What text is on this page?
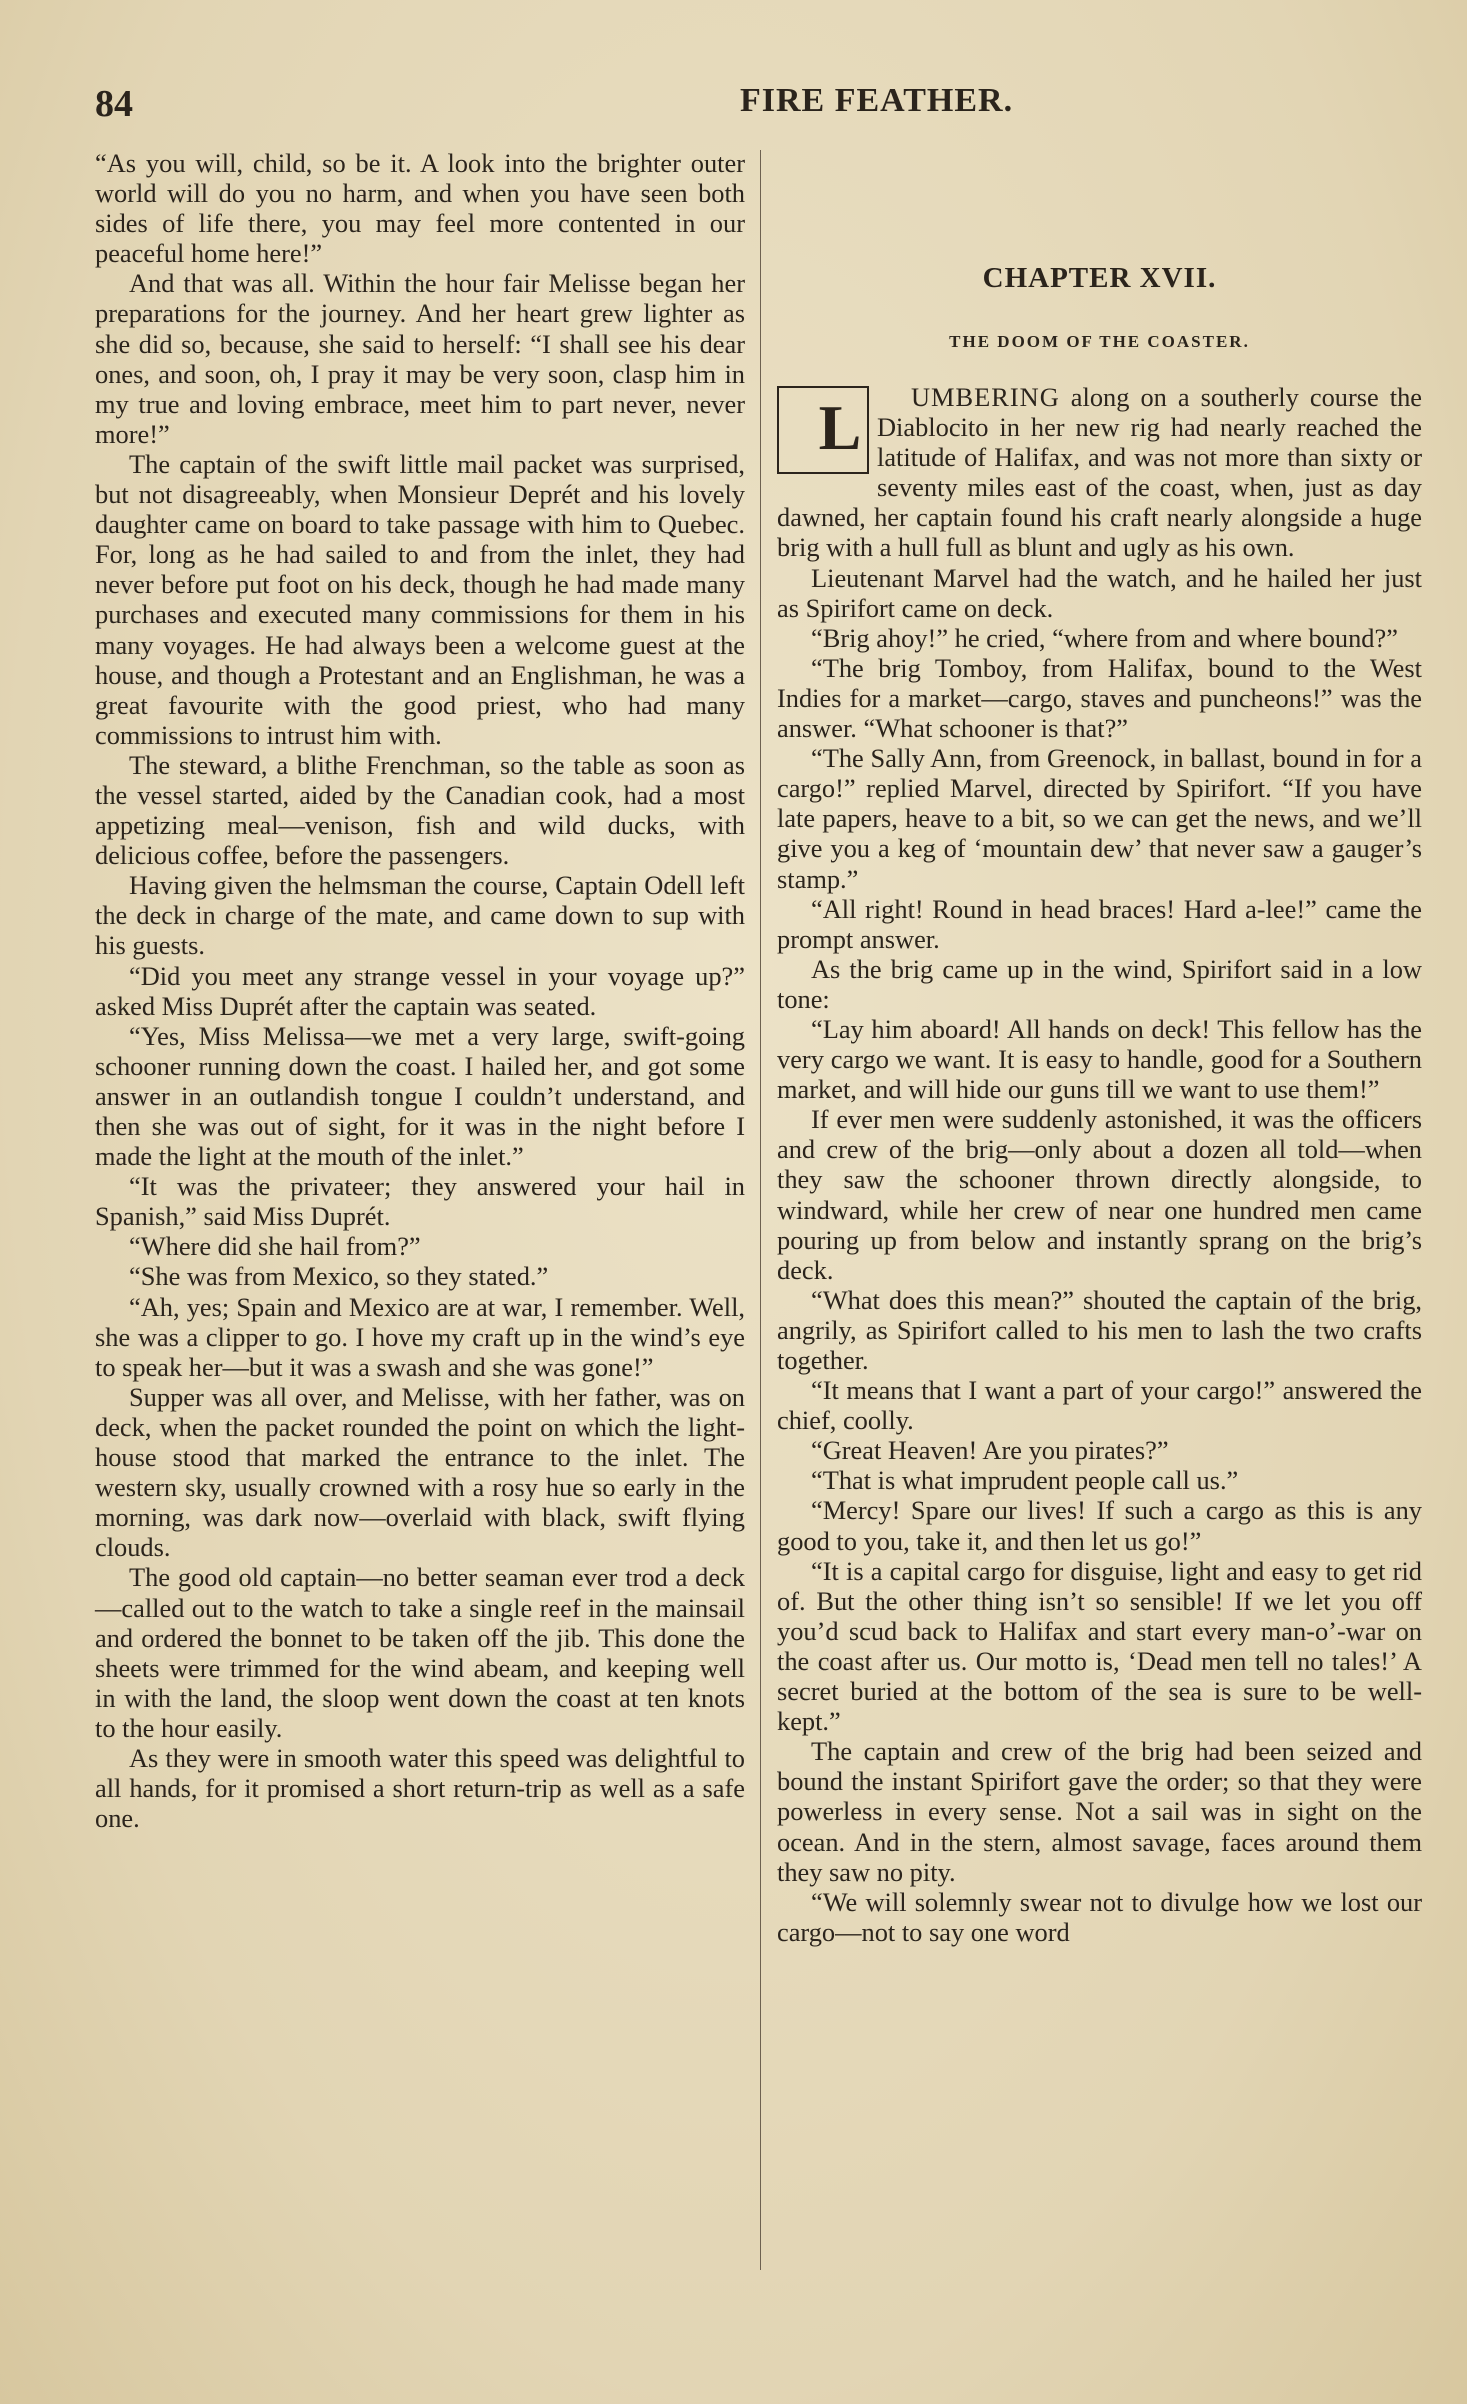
84	FIRE FEATHER.

“As you will, child, so be it. A look into the brighter outer world will do you no harm, and when you have seen both sides of life there, you may feel more contented in our peaceful home here!”

And that was all. Within the hour fair Melisse began her preparations for the journey. And her heart grew lighter as she did so, because, she said to herself: “I shall see his dear ones, and soon, oh, I pray it may be very soon, clasp him in my true and loving embrace, meet him to part never, never more!”

The captain of the swift little mail packet was surprised, but not disagreeably, when Monsieur Deprét and his lovely daughter came on board to take passage with him to Quebec. For, long as he had sailed to and from the inlet, they had never before put foot on his deck, though he had made many purchases and executed many commissions for them in his many voyages. He had always been a welcome guest at the house, and though a Protestant and an Englishman, he was a great favourite with the good priest, who had many commissions to intrust him with.

The steward, a blithe Frenchman, so the table as soon as the vessel started, aided by the Canadian cook, had a most appetizing meal—venison, fish and wild ducks, with delicious coffee, before the passengers.

Having given the helmsman the course, Captain Odell left the deck in charge of the mate, and came down to sup with his guests.

“Did you meet any strange vessel in your voyage up?” asked Miss Duprét after the captain was seated.

“Yes, Miss Melissa—we met a very large, swift-going schooner running down the coast. I hailed her, and got some answer in an outlandish tongue I couldn’t understand, and then she was out of sight, for it was in the night before I made the light at the mouth of the inlet.”

“It was the privateer; they answered your hail in Spanish,” said Miss Duprét.

“Where did she hail from?”

“She was from Mexico, so they stated.”

“Ah, yes; Spain and Mexico are at war, I remember. Well, she was a clipper to go. I hove my craft up in the wind’s eye to speak her—but it was a swash and she was gone!”

Supper was all over, and Melisse, with her father, was on deck, when the packet rounded the point on which the light-house stood that marked the entrance to the inlet. The western sky, usually crowned with a rosy hue so early in the morning, was dark now—overlaid with black, swift flying clouds.

The good old captain—no better seaman ever trod a deck—called out to the watch to take a single reef in the mainsail and ordered the bonnet to be taken off the jib. This done the sheets were trimmed for the wind abeam, and keeping well in with the land, the sloop went down the coast at ten knots to the hour easily.

As they were in smooth water this speed was delightful to all hands, for it promised a short return-trip as well as a safe one.

CHAPTER XVII.
THE DOOM OF THE COASTER.

L UMBERING along on a southerly course the Diablocito in her new rig had nearly reached the latitude of Halifax, and was not more than sixty or seventy miles east of the coast, when, just as day dawned, her captain found his craft nearly alongside a huge brig with a hull full as blunt and ugly as his own.

Lieutenant Marvel had the watch, and he hailed her just as Spirifort came on deck.

“Brig ahoy!” he cried, “where from and where bound?”

“The brig Tomboy, from Halifax, bound to the West Indies for a market—cargo, staves and puncheons!” was the answer. “What schooner is that?”

“The Sally Ann, from Greenock, in ballast, bound in for a cargo!” replied Marvel, directed by Spirifort. “If you have late papers, heave to a bit, so we can get the news, and we’ll give you a keg of ‘mountain dew’ that never saw a gauger’s stamp.”

“All right! Round in head braces! Hard a-lee!” came the prompt answer.

As the brig came up in the wind, Spirifort said in a low tone:

“Lay him aboard! All hands on deck! This fellow has the very cargo we want. It is easy to handle, good for a Southern market, and will hide our guns till we want to use them!”

If ever men were suddenly astonished, it was the officers and crew of the brig—only about a dozen all told—when they saw the schooner thrown directly alongside, to windward, while her crew of near one hundred men came pouring up from below and instantly sprang on the brig’s deck.

“What does this mean?” shouted the captain of the brig, angrily, as Spirifort called to his men to lash the two crafts together.

“It means that I want a part of your cargo!” answered the chief, coolly.

“Great Heaven! Are you pirates?”

“That is what imprudent people call us.”

“Mercy! Spare our lives! If such a cargo as this is any good to you, take it, and then let us go!”

“It is a capital cargo for disguise, light and easy to get rid of. But the other thing isn’t so sensible! If we let you off you’d scud back to Halifax and start every man-o’-war on the coast after us. Our motto is, ‘Dead men tell no tales!’ A secret buried at the bottom of the sea is sure to be well-kept.”

The captain and crew of the brig had been seized and bound the instant Spirifort gave the order; so that they were powerless in every sense. Not a sail was in sight on the ocean. And in the stern, almost savage, faces around them they saw no pity.

“We will solemnly swear not to divulge how we lost our cargo—not to say one word
